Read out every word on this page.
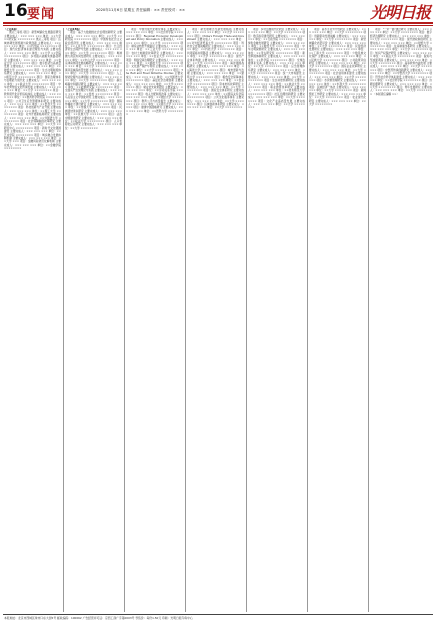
16 要闻	2020年11月6日 星期五 责任编辑：×× 责任校对：××	光明日报
（上接1版）

奥运二等奖 项目：新型城镇化发展路径研究 主要完成人：××× ××× ××× 单位：××大学 ××研究院 ×××××××× 奥运三等奖 项目：区域协调发展机制与政策创新 主要完成人：××× ××× ××× 单位：××科学院 ×××××××× 项目：现代化经济体系建设理论与实践 主要完成人：××× ××× ××× 单位：××大学 ××学院 ×××××××× 项目：乡村振兴战略实施路径研究 主要完成人：××× ××× ××× 单位：××农业大学 ×××××××× 项目：数字经济与高质量发展 主要完成人：××× ××× ××× 单位：××财经大学 ×××××××× 项目：生态文明制度体系研究 主要完成人：××× ××× ××× 单位：××师范大学 ×××××××× 项目：国家治理体系与治理能力现代化 主要完成人：××× ××× ××× 单位：××政法大学 ×××××××× 项目：中华优秀传统文化传承发展 主要完成人：××× ××× ××× 单位：××大学 ×××××××× 项目：教育现代化评价指标体系 主要完成人：××× ××× ××× 单位：××教育科学研究院 ×××××××× 项目：公共卫生应急管理体系研究 主要完成人：××× ××× ××× 单位：××医科大学 ×××××××× 项目：科技创新与产业升级 主要完成人：××× ××× ××× 单位：××理工大学 ×××××××× 项目：对外开放新格局研究 主要完成人：××× ××× ××× 单位：××外国语大学 ×××××××× 项目：社会保障制度改革研究 主要完成人：××× ××× ××× 单位：××大学 ××研究中心 ×××××××× 项目：新时代文化强国建设 主要完成人：××× ××× ××× 单位：××艺术学院 ×××××××× 项目：城乡融合发展体制机制 主要完成人：××× ××× ××× 单位：××大学 ××× 项目：金融风险防范化解机制 主要完成人：××× ××× ××× 单位：××金融学院 ××××××××

（上接15版）

项目：基于大数据的社会治理创新研究 主要完成人：××× ××× ××× 单位：××大学 ××研究院 ×××××××× 项目：中国特色社会主义政治经济学 主要完成人：××× ××× ××× 单位：××人民大学 ×××××××× 项目：长江经济带生态保护与发展 主要完成人：××× ××× ××× 单位：××大学 ×××××××× 项目：粤港澳大湾区协同发展研究 主要完成人：××× ××× ××× 单位：××中山大学 ×××××××× 项目：京津冀协同发展战略研究 主要完成人：××× ××× ××× 单位：××大学 ×××××××× 项目：黄河流域高质量发展 主要完成人：××× ××× ××× 单位：××大学 ×××××××× 项目：人工智能伦理与法律规制 主要完成人：××× ××× ××× 单位：××大学 ×××××××× 项目：碳达峰碳中和路径研究 主要完成人：××× ××× ××× 单位：××能源研究院 ×××××××× 项目：全面从严治党理论与实践 主要完成人：××× ××× ××× 单位：××党校 ×××××××× 项目：马克思主义中国化研究 主要完成人：××× ××× ××× 单位：××大学 ×××××××× 项目：国际传播能力建设研究 主要完成人：××× ××× ××× 单位：××传媒大学 ×××××××× 项目：民族团结进步研究 主要完成人：××× ××× ××× 单位：××民族大学 ×××××××× 项目：法治中国建设研究 主要完成人：××× ××× ××× 单位：××政法大学 ×××××××× 项目：人口老龄化应对研究 主要完成人：××× ××× ××× 单位：××大学 ××××××××

项目：中国式现代化理论体系 主要完成人：××× ××× ××× 单位：××社会科学院 ×××××××× 项目：Regional Economic Development and Policy Innovation 主要完成人：××× ××× ××× 单位：××大学 ×××××××× 项目：制造业转型升级路径 主要完成人：××× ××× ××× 单位：××工业大学 ×××××××× 项目：农村土地制度改革研究 主要完成人：××× ××× ××× 单位：××农业大学 ×××××××× 项目：网络空间治理研究 主要完成人：××× ××× ××× 单位：××邮电大学 ×××××××× 项目：文化遗产保护与利用 主要完成人：××× ××× ××× 单位：××大学 ×××××××× 项目：The Belt and Road Initiative Studies 主要完成人：××× ××× ××× 单位：××外国语大学 ×××××××× 项目：基层社会治理创新 主要完成人：××× ××× ××× 单位：××大学 ×××××××× 项目：就业优先政策研究 主要完成人：××× ××× ××× 单位：××劳动关系学院 ×××××××× 项目：收入分配制度改革 主要完成人：××× ××× ××× 单位：××财经大学 ×××××××× 项目：教育公平与质量提升 主要完成人：××× ××× ××× 单位：××师范大学 ×××××××× 项目：健康中国战略研究 主要完成人：××× ××× ××× 单位：××医科大学 ××××××××

项目：新发展理念与新发展格局 主要完成人：××× ××× ××× 单位：××大学 ×××××××× 项目：China's Foreign Trade and Investment 主要完成人：××× ××× ××× 单位：××对外经济贸易大学 ×××××××× 项目：科技自立自强战略研究 主要完成人：××× ××× ××× 单位：××科技大学 ×××××××× 项目：共同富裕实现路径 主要完成人：××× ××× ××× 单位：××大学 ×××××××× 项目：现代产业体系构建 主要完成人：××× ××× ××× 单位：××大学 ×××××××× 项目：海洋强国战略研究 主要完成人：××× ××× ××× 单位：××海洋大学 ×××××××× 项目：城市更新与治理 主要完成人：××× ××× ××× 单位：××建筑大学 ×××××××× 项目：粮食安全保障体系 主要完成人：××× ××× ××× 单位：××农业大学 ×××××××× 项目：资本市场改革研究 主要完成人：××× ××× ××× 单位：××大学 ×××××××× 项目：国家安全体系研究 主要完成人：××× ××× ××× 单位：××国际关系学院 ×××××××× 项目：公共文化服务体系 主要完成人：××× ××× ××× 单位：××大学 ×××××××× 项目：区域创新体系研究 主要完成人：××× ××× ××× 单位：××大学 ××××××××

项目：乡村治理现代化研究 主要完成人：××× ××× ××× 单位：××大学 ×××××××× 项目：数字政府建设研究 主要完成人：××× ××× ××× 单位：××行政学院 ×××××××× 项目：绿色金融发展研究 主要完成人：××× ××× ××× 单位：××财经大学 ×××××××× 项目：中华文明探源研究 主要完成人：××× ××× ××× 单位：××考古研究所 ×××××××× 项目：新型举国体制研究 主要完成人：××× ××× ××× 单位：××科学院 ×××××××× 项目：全球治理体系变革 主要完成人：××× ××× ××× 单位：××大学 ×××××××× 项目：应急管理体系研究 主要完成人：××× ××× ××× 单位：××大学 ×××××××× 项目：统一大市场建设 主要完成人：××× ××× ××× 单位：××大学 ×××××××× 项目：生态补偿机制研究 主要完成人：××× ××× ××× 单位：××林业大学 ×××××××× 项目：职业教育改革研究 主要完成人：××× ××× ××× 单位：××技术师范大学 ×××××××× 项目：社区治理创新研究 主要完成人：××× ××× ××× 单位：××大学 ×××××××× 项目：文化产业高质量发展 主要完成人：××× ××× ××× 单位：××大学 ××××××××

项目：高水平对外开放研究 主要完成人：××× ××× ××× 单位：××大学 ×××××××× 项目：创新驱动发展战略 主要完成人：××× ××× ××× 单位：××大学 ×××××××× 项目：新型城镇化质量评价 主要完成人：××× ××× ××× 单位：××大学 ×××××××× 项目：民营经济发展研究 主要完成人：××× ××× ××× 单位：××工商大学 ×××××××× 项目：少数民族文化保护 主要完成人：××× ××× ××× 单位：××民族大学 ×××××××× 项目：公共政策评估研究 主要完成人：××× ××× ××× 单位：××大学 ×××××××× 项目：国有企业改革研究 主要完成人：××× ××× ××× 单位：××大学 ×××××××× 项目：社会信用体系建设 主要完成人：××× ××× ××× 单位：××大学 ×××××××× 项目：水资源管理研究 主要完成人：××× ××× ××× 单位：××水利大学 ×××××××× 项目：区域经济一体化 主要完成人：××× ××× ××× 单位：××大学 ×××××××× 项目：新闻舆论工作研究 主要完成人：××× ××× ××× 单位：××大学 ×××××××× 项目：农业现代化研究 主要完成人：××× ××× ××× 单位：××大学 ××××××××

项目："一带一路"建设研究 主要完成人：××× ××× ××× 单位：××大学 ×××××××× 项目：数字经济治理研究 主要完成人：××× ××× ××× 单位：××大学 ×××××××× 项目：现代财政制度研究 主要完成人：××× ××× ××× 单位：××财经大学 ×××××××× 项目：住房制度改革研究 主要完成人：××× ××× ××× 单位：××大学 ×××××××× 项目：知识产权保护研究 主要完成人：××× ××× ××× 单位：××政法大学 ×××××××× 项目：脱贫攻坚成果巩固 主要完成人：××× ××× ××× 单位：××大学 ×××××××× 项目：高等教育内涵发展 主要完成人：××× ××× ××× 单位：××大学 ×××××××× 项目：中医药传承创新研究 主要完成人：××× ××× ××× 单位：××中医药大学 ×××××××× 项目：哲学社会科学体系建设 主要完成人：××× ××× ××× 单位：××社会科学院 ×××××××× 项目：边疆治理研究 主要完成人：××× ××× ××× 单位：××大学 ×××××××× 项目：青年发展研究 主要完成人：××× ××× ××× 单位：××大学 ×××××××× （本版责任编辑 ××）

本报地址：北京市西城区珠市口东大街5号 邮政编码：100062 广告经营许可证：京西工商广字第0003号 零售价：每份1.50元 印刷：光明日报印务中心
